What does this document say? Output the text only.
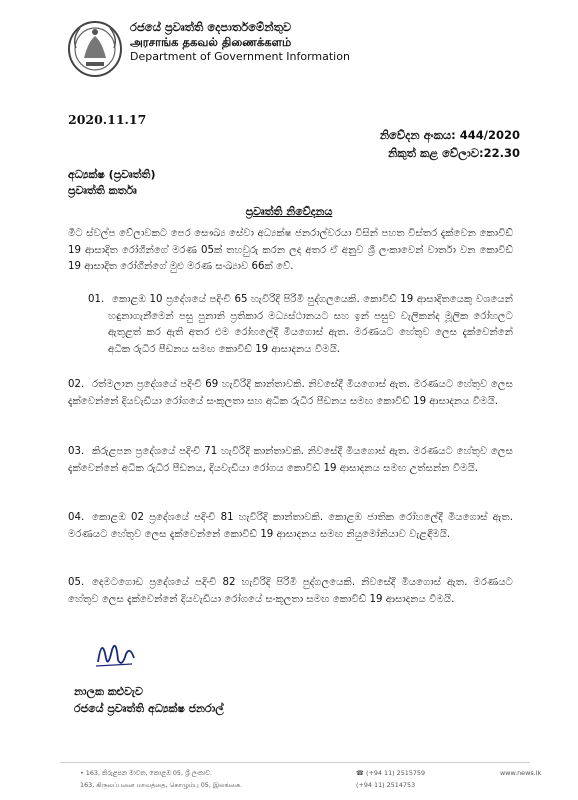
රජයේ ප්‍රවෘත්ති දෙපාර්තමේන්තුව
அரசாங்க தகவல் திணைக்களம்
Department of Government Information
2020.11.17
නිවේදන අංකය: 444/2020
නිකුත් කළ වේලාව:22.30
අධ්‍යක්ෂ (ප්‍රවෘත්ති)
ප්‍රවෘත්ති කර්තෘ
ප්‍රවෘත්ති නිවේදනය
මීට ස්වල්ප වේලාවකට පෙර සෞඛ්‍ය සේවා අධ්‍යක්ෂ ජනරාල්වරයා විසින් පහත විස්තර දැක්වෙන කොවිඩ් 19 ආසාදිත රෝගීන්ගේ මරණ 05ක් තහවුරු කරන ලද අතර ඒ අනුව ශ්‍රී ලංකාවෙන් වාර්තා වන කොවිඩ් 19 ආසාදිත රෝගීන්ගේ මුළු මරණ සංඛ්‍යාව 66ක් වේ.
01. කොළඹ 10 ප්‍රදේශයේ පදිංචි 65 හැවිරිදි පිරිමි පුද්ගලයෙකි. කොවිඩ් 19 ආසාදිතයෙකු වශයෙන් හඳුනාගැනීමෙන් පසු පුනානි ප්‍රතිකාර මධ්‍යස්ථානයට සහ ඉන් පසුව වැලිකන්ද මූලික රෝහලට ඇතුළත් කර ඇති අතර එම රෝහලේදී මියගොස් ඇත. මරණයට හේතුව ලෙස දැක්වෙන්නේ අධික රුධිර පීඩනය සමඟ කොවිඩ් 19 ආසාදනය වීමයි.
02. රත්මලාන ප්‍රදේශයේ පදිංචි 69 හැවිරිදි කාන්තාවකි. නිවසේදී මියගොස් ඇත. මරණයට හේතුව ලෙස දැක්වෙන්නේ දියවැඩියා රෝගයේ සංකූලතා සහ අධික රුධිර පීඩනය සමඟ කොවිඩ් 19 ආසාදනය වීමයි.
03. කිරුළපන ප්‍රදේශයේ පදිංචි 71 හැවිරිදි කාන්තාවකි. නිවසේදී මියගොස් ඇත. මරණයට හේතුව ලෙස දැක්වෙන්නේ අධික රුධිර පීඩනය, දියවැඩියා රෝගය කොවිඩ් 19 ආසාදනය සමඟ උත්සන්න වීමයි.
04. කොළඹ 02 ප්‍රදේශයේ පදිංචි 81 හැවිරිදි කාන්තාවකි. කොළඹ ජාතික රෝහලේදී මියගොස් ඇත. මරණයට හේතුව ලෙස දැක්වෙන්නේ කොවිඩ් 19 ආසාදනය සමඟ නියුමෝනියාව වැළඳීමයි.
05. දෙමටගොඩ ප්‍රදේශයේ පදිංචි 82 හැවිරිදි පිරිමි පුද්ගලයෙකි. නිවසේදී මියගොස් ඇත. මරණයට හේතුව ලෙස දැක්වෙන්නේ දියවැඩියා රෝගයේ සංකූලතා සමඟ කොවිඩ් 19 ආසාදනය වීමයි.
නාලක කළුවැව
රජයේ ප්‍රවෘත්ති අධ්‍යක්ෂ ජනරාල්
• 163, කිරුළපන මාවත, කොළඹ 05, ශ්‍රී ලංකාව.
163, கிருலப்பனை மாவத்தை, கொழும்பு 05, இலங்கை.
☎ (+94 11) 2515759
(+94 11) 2514753
www.news.lk
